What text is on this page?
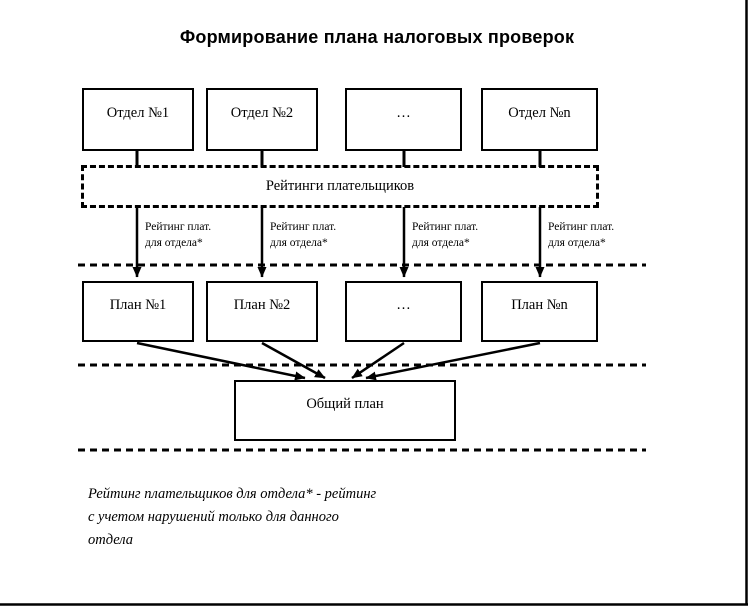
Формирование плана налоговых проверок
Отдел №1	Отдел №2	…	Отдел №n
Рейтинги плательщиков
Рейтинг плат.
для отдела*
Рейтинг плат.
для отдела*
Рейтинг плат.
для отдела*
Рейтинг плат.
для отдела*
План №1	План №2	…	План №n
Общий план
Рейтинг плательщиков для отдела* - рейтинг
с учетом нарушений только для данного
отдела
